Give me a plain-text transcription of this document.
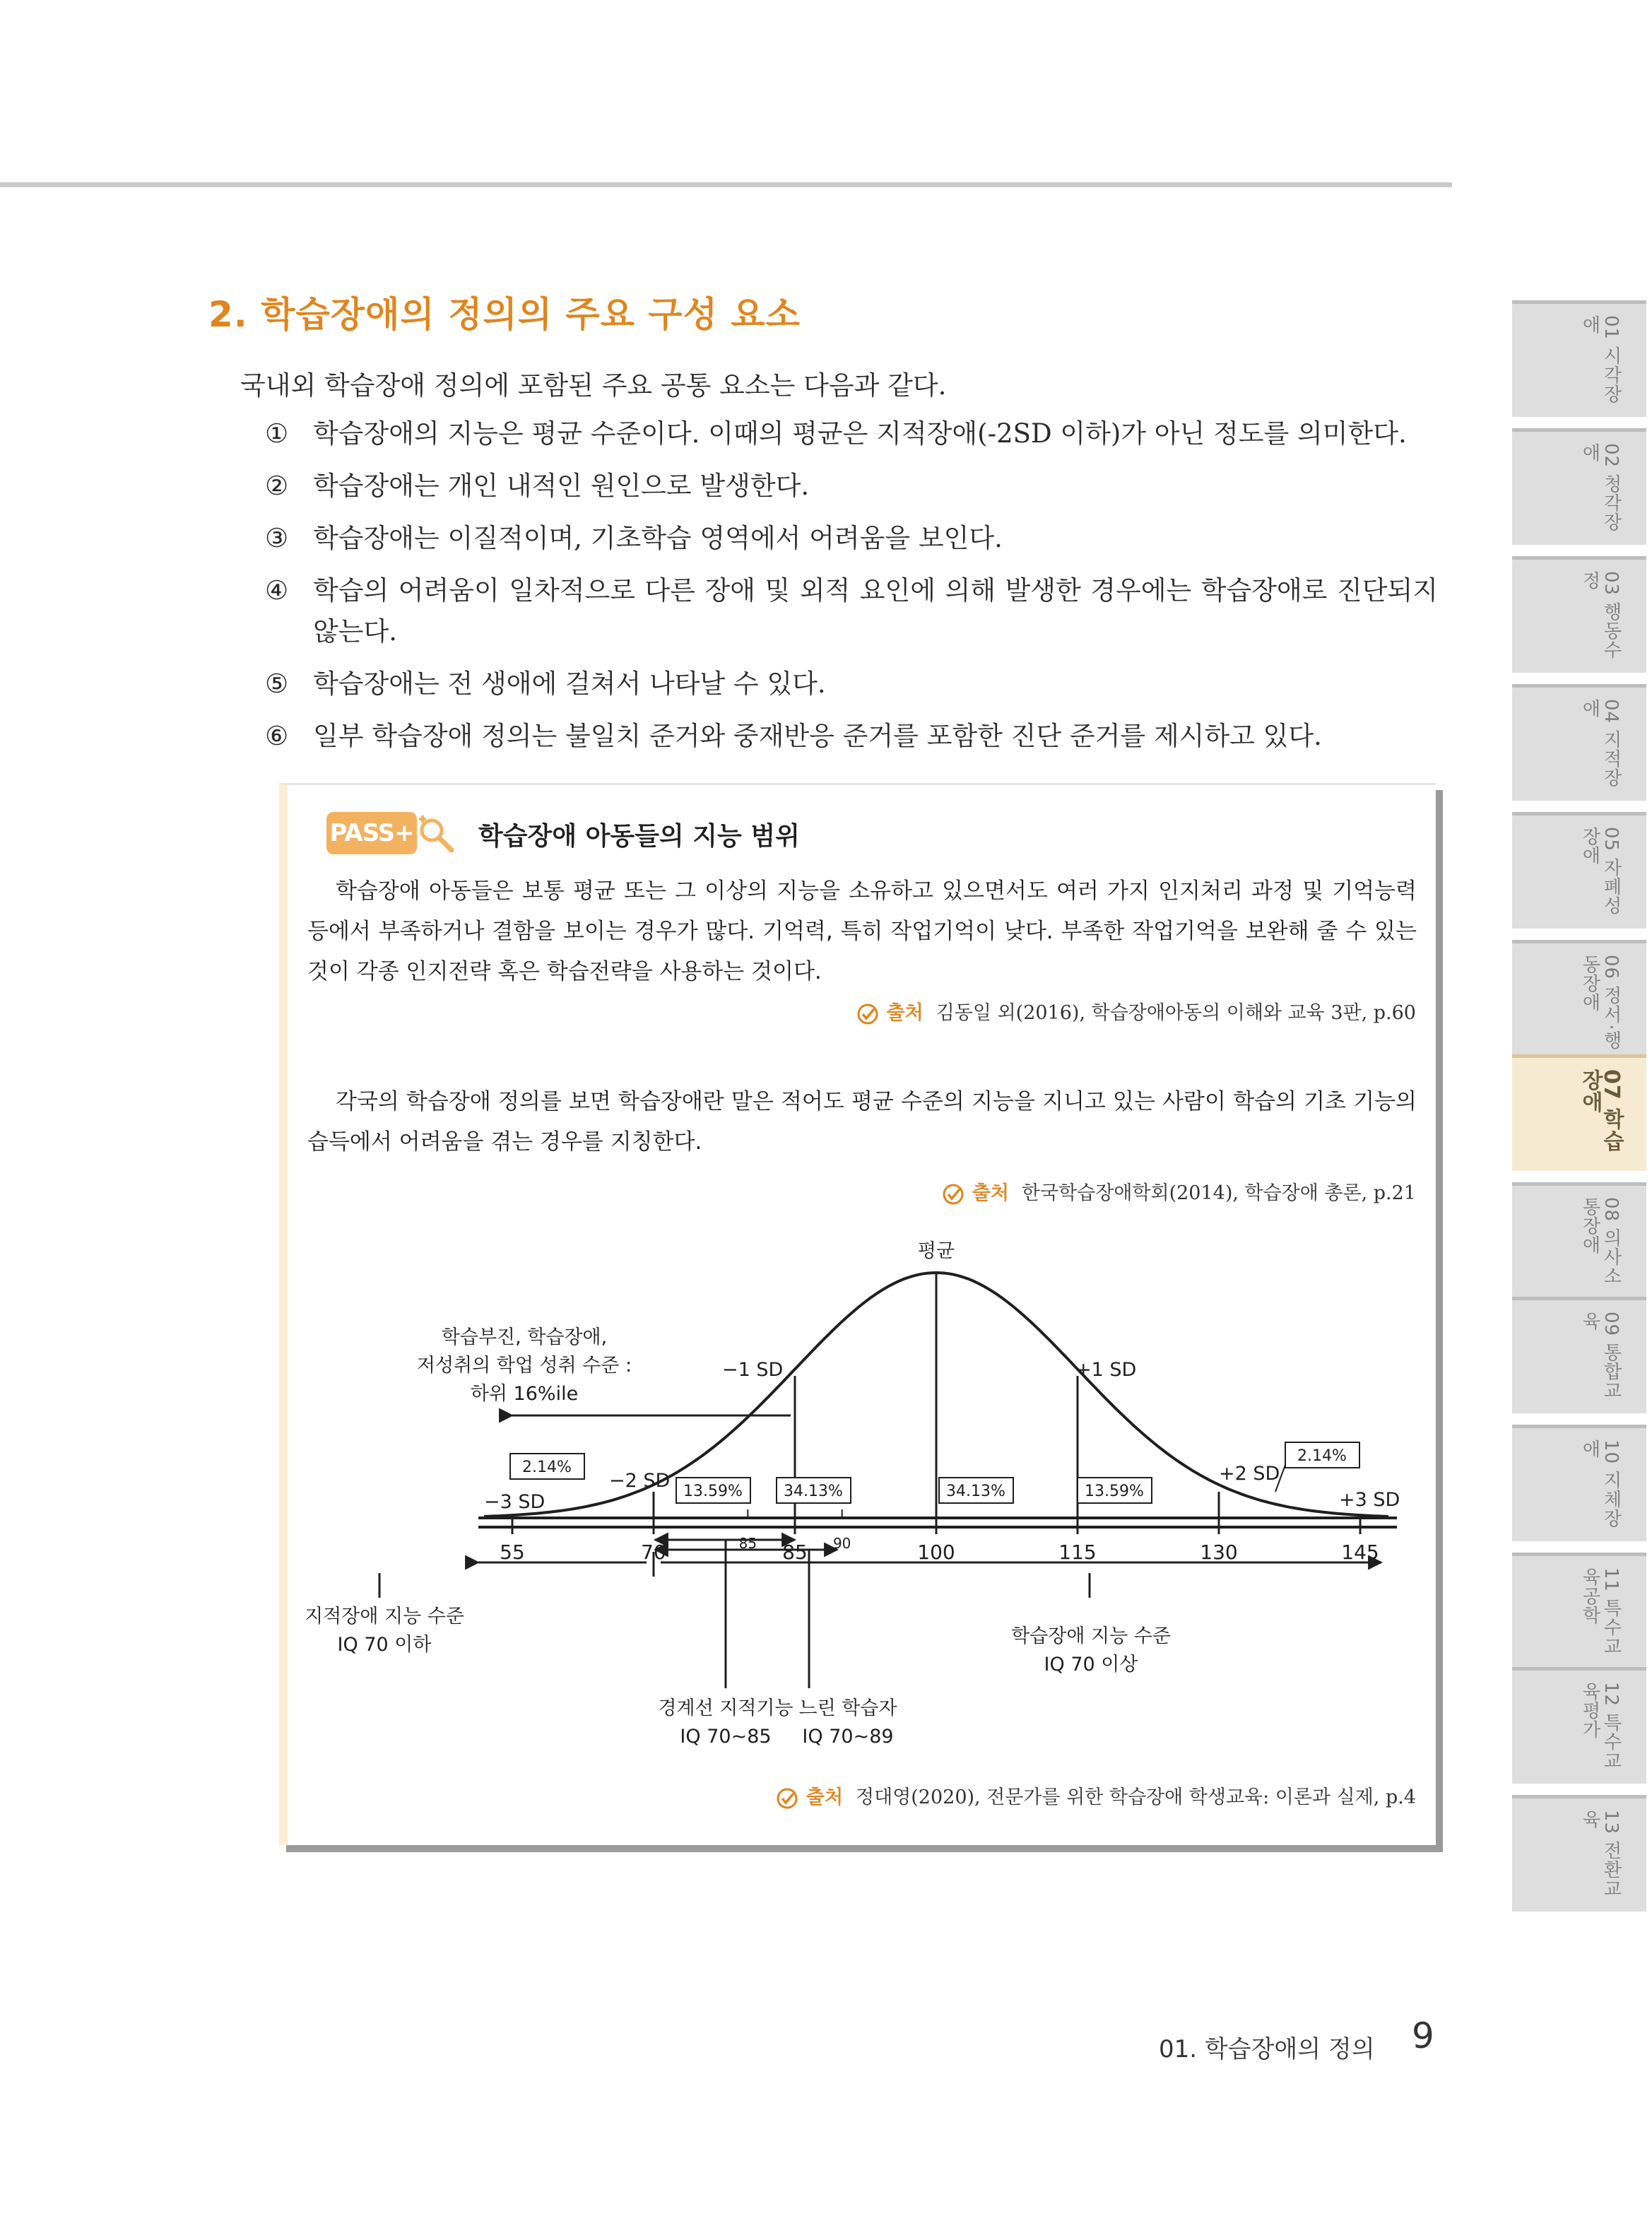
01 시각장애
02 청각장애
03 행동수정
04 지적장애
05 자폐성장애
06 정서·행동장애
07 학습장애
08 의사소통장애
09 통합교육
10 지체장애
11 특수교육공학
12 특수교육평가
13 전환교육
2. 학습장애의 정의의 주요 구성 요소

국내외 학습장애 정의에 포함된 주요 공통 요소는 다음과 같다.

① 학습장애의 지능은 평균 수준이다. 이때의 평균은 지적장애(-2SD 이하)가 아닌 정도를 의미한다.
② 학습장애는 개인 내적인 원인으로 발생한다.
③ 학습장애는 이질적이며, 기초학습 영역에서 어려움을 보인다.
④ 학습의 어려움이 일차적으로 다른 장애 및 외적 요인에 의해 발생한 경우에는 학습장애로 진단되지 않는다.
⑤ 학습장애는 전 생애에 걸쳐서 나타날 수 있다.
⑥ 일부 학습장애 정의는 불일치 준거와 중재반응 준거를 포함한 진단 준거를 제시하고 있다.
PASS+	학습장애 아동들의 지능 범위

학습장애 아동들은 보통 평균 또는 그 이상의 지능을 소유하고 있으면서도 여러 가지 인지처리 과정 및 기억능력 등에서 부족하거나 결함을 보이는 경우가 많다. 기억력, 특히 작업기억이 낮다. 부족한 작업기억을 보완해 줄 수 있는 것이 각종 인지전략 혹은 학습전략을 사용하는 것이다.

출처 김동일 외(2016), 학습장애아동의 이해와 교육 3판, p.60

각국의 학습장애 정의를 보면 학습장애란 말은 적어도 평균 수준의 지능을 지니고 있는 사람이 학습의 기초 기능의 습득에서 어려움을 겪는 경우를 지칭한다.

출처 한국학습장애학회(2014), 학습장애 총론, p.21

55	70	85	100	115	130	145
85	90
평균
−3 SD
−2 SD
−1 SD	+1 SD
+2 SD
+3 SD
2.14%
13.59%	34.13%	34.13%	13.59%
2.14%
학습부진, 학습장애,
저성취의 학업 성취 수준 :
하위 16%ile
지적장애 지능 수준
IQ 70 이하
경계선 지적기능
IQ 70∼85
느린 학습자
IQ 70∼89
학습장애 지능 수준
IQ 70 이상

출처 정대영(2020), 전문가를 위한 학습장애 학생교육: 이론과 실제, p.4

01. 학습장애의 정의 9
